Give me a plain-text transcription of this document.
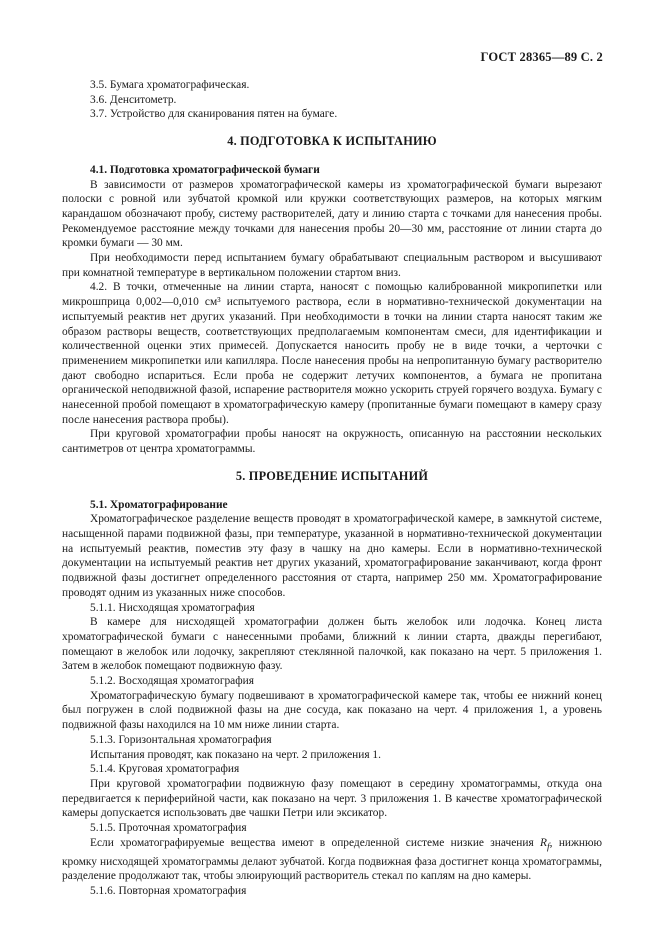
ГОСТ 28365—89 С. 2
3.5. Бумага хроматографическая.
3.6. Денситометр.
3.7. Устройство для сканирования пятен на бумаге.
4. ПОДГОТОВКА К ИСПЫТАНИЮ
4.1. Подготовка хроматографической бумаги
В зависимости от размеров хроматографической камеры из хроматографической бумаги вырезают полоски с ровной или зубчатой кромкой или кружки соответствующих размеров, на которых мягким карандашом обозначают пробу, систему растворителей, дату и линию старта с точками для нанесения пробы. Рекомендуемое расстояние между точками для нанесения пробы 20—30 мм, расстояние от линии старта до кромки бумаги — 30 мм.
При необходимости перед испытанием бумагу обрабатывают специальным раствором и высушивают при комнатной температуре в вертикальном положении стартом вниз.
4.2. В точки, отмеченные на линии старта, наносят с помощью калиброванной микропипетки или микрошприца 0,002—0,010 см³ испытуемого раствора, если в нормативно-технической документации на испытуемый реактив нет других указаний. При необходимости в точки на линии старта наносят таким же образом растворы веществ, соответствующих предполагаемым компонентам смеси, для идентификации и количественной оценки этих примесей. Допускается наносить пробу не в виде точки, а черточки с применением микропипетки или капилляра. После нанесения пробы на непропитанную бумагу растворителю дают свободно испариться. Если проба не содержит летучих компонентов, а бумага не пропитана органической неподвижной фазой, испарение растворителя можно ускорить струей горячего воздуха. Бумагу с нанесенной пробой помещают в хроматографическую камеру (пропитанные бумаги помещают в камеру сразу после нанесения раствора пробы).
При круговой хроматографии пробы наносят на окружность, описанную на расстоянии нескольких сантиметров от центра хроматограммы.
5. ПРОВЕДЕНИЕ ИСПЫТАНИЙ
5.1. Хроматографирование
Хроматографическое разделение веществ проводят в хроматографической камере, в замкнутой системе, насыщенной парами подвижной фазы, при температуре, указанной в нормативно-технической документации на испытуемый реактив, поместив эту фазу в чашку на дно камеры. Если в нормативно-технической документации на испытуемый реактив нет других указаний, хроматографирование заканчивают, когда фронт подвижной фазы достигнет определенного расстояния от старта, например 250 мм. Хроматографирование проводят одним из указанных ниже способов.
5.1.1. Нисходящая хроматография
В камере для нисходящей хроматографии должен быть желобок или лодочка. Конец листа хроматографической бумаги с нанесенными пробами, ближний к линии старта, дважды перегибают, помещают в желобок или лодочку, закрепляют стеклянной палочкой, как показано на черт. 5 приложения 1. Затем в желобок помещают подвижную фазу.
5.1.2. Восходящая хроматография
Хроматографическую бумагу подвешивают в хроматографической камере так, чтобы ее нижний конец был погружен в слой подвижной фазы на дне сосуда, как показано на черт. 4 приложения 1, а уровень подвижной фазы находился на 10 мм ниже линии старта.
5.1.3. Горизонтальная хроматография
Испытания проводят, как показано на черт. 2 приложения 1.
5.1.4. Круговая хроматография
При круговой хроматографии подвижную фазу помещают в середину хроматограммы, откуда она передвигается к периферийной части, как показано на черт. 3 приложения 1. В качестве хроматографической камеры допускается использовать две чашки Петри или эксикатор.
5.1.5. Проточная хроматография
Если хроматографируемые вещества имеют в определенной системе низкие значения $R_f$, нижнюю кромку нисходящей хроматограммы делают зубчатой. Когда подвижная фаза достигнет конца хроматограммы, разделение продолжают так, чтобы элюирующий растворитель стекал по каплям на дно камеры.
5.1.6. Повторная хроматография
